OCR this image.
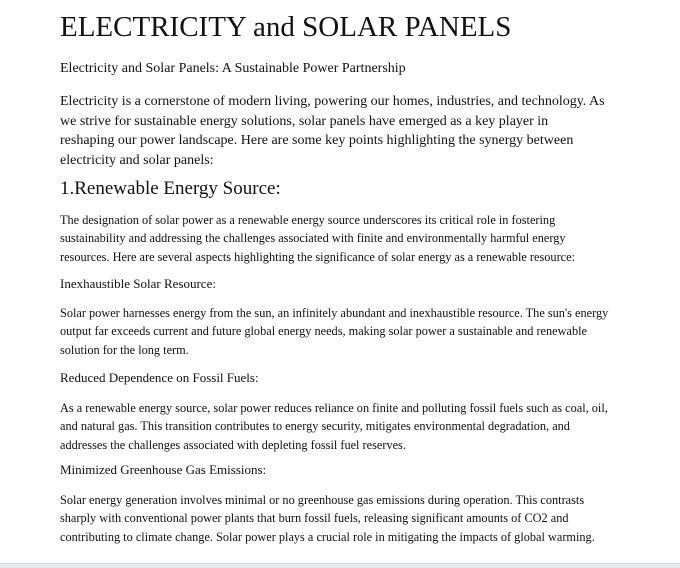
ELECTRICITY and SOLAR PANELS

Electricity and Solar Panels: A Sustainable Power Partnership

Electricity is a cornerstone of modern living, powering our homes, industries, and technology. As we strive for sustainable energy solutions, solar panels have emerged as a key player in reshaping our power landscape. Here are some key points highlighting the synergy between electricity and solar panels:

1.Renewable Energy Source:

The designation of solar power as a renewable energy source underscores its critical role in fostering sustainability and addressing the challenges associated with finite and environmentally harmful energy resources. Here are several aspects highlighting the significance of solar energy as a renewable resource:

Inexhaustible Solar Resource:

Solar power harnesses energy from the sun, an infinitely abundant and inexhaustible resource. The sun's energy output far exceeds current and future global energy needs, making solar power a sustainable and renewable solution for the long term.

Reduced Dependence on Fossil Fuels:

As a renewable energy source, solar power reduces reliance on finite and polluting fossil fuels such as coal, oil, and natural gas. This transition contributes to energy security, mitigates environmental degradation, and addresses the challenges associated with depleting fossil fuel reserves.

Minimized Greenhouse Gas Emissions:

Solar energy generation involves minimal or no greenhouse gas emissions during operation. This contrasts sharply with conventional power plants that burn fossil fuels, releasing significant amounts of CO2 and contributing to climate change. Solar power plays a crucial role in mitigating the impacts of global warming.
